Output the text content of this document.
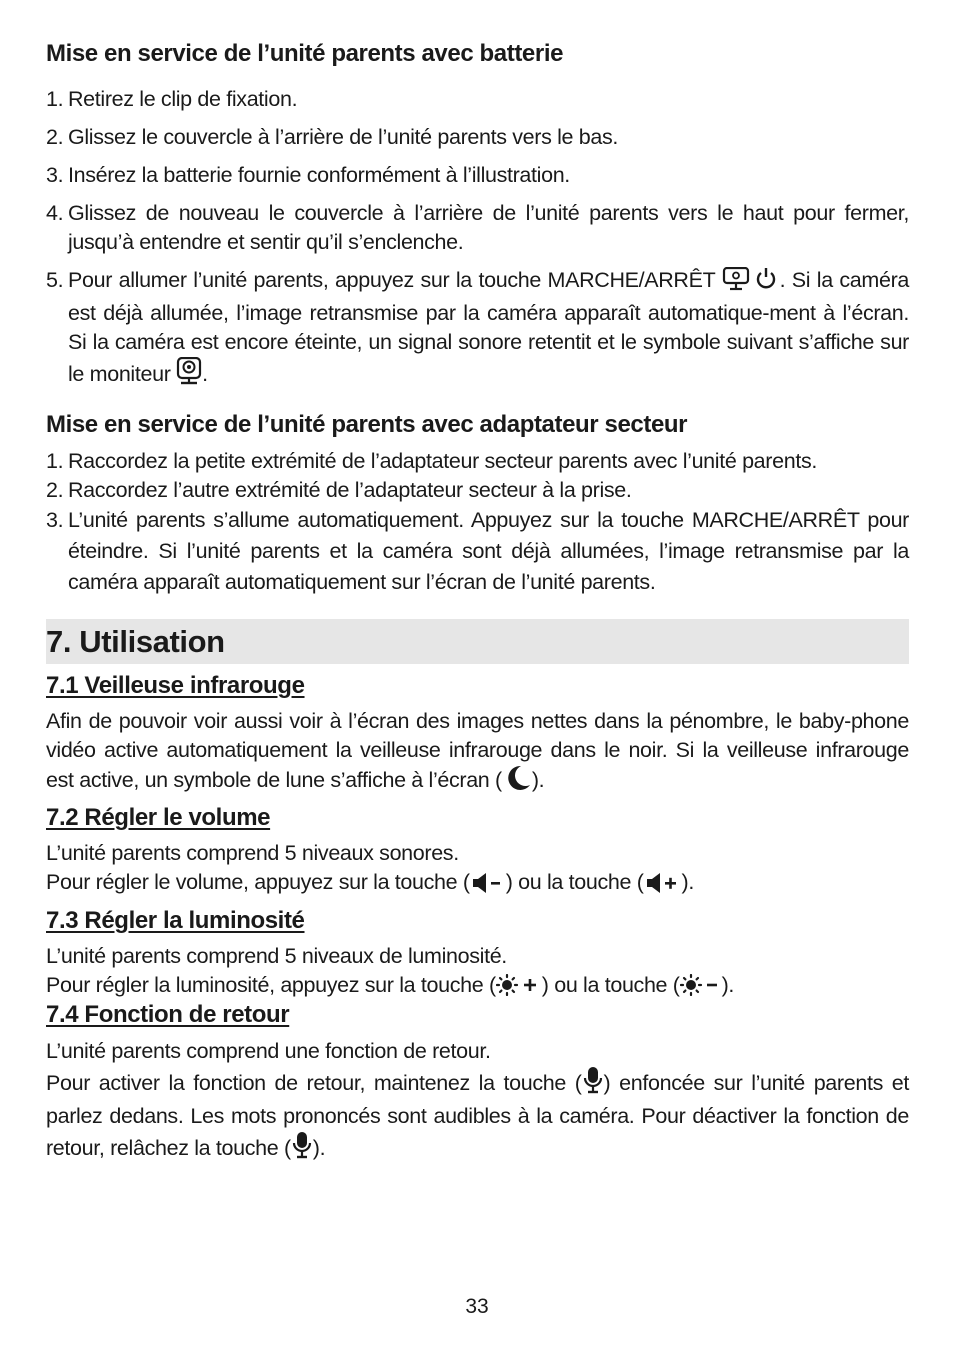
Mise en service de l’unité parents avec batterie
1. Retirez le clip de fixation.
2. Glissez le couvercle à l’arrière de l’unité parents vers le bas.
3. Insérez la batterie fournie conformément à l’illustration.
4. Glissez de nouveau le couvercle à l’arrière de l’unité parents vers le haut pour fermer, jusqu’à entendre et sentir qu’il s’enclenche.
5. Pour allumer l’unité parents, appuyez sur la touche MARCHE/ARRÊT	. Si la caméra est déjà allumée, l’image retransmise par la caméra apparaît automatique-ment à l’écran. Si la caméra est encore éteinte, un signal sonore retentit et le symbole suivant s’affiche sur le moniteur .
Mise en service de l’unité parents avec adaptateur secteur
1. Raccordez la petite extrémité de l’adaptateur secteur parents avec l’unité parents.
2. Raccordez l’autre extrémité de l’adaptateur secteur à la prise.
3. L’unité parents s’allume automatiquement. Appuyez sur la touche MARCHE/ARRÊT pour éteindre. Si l’unité parents et la caméra sont déjà allumées, l’image retransmise par la caméra apparaît automatiquement sur l’écran de l’unité parents.
7. Utilisation
7.1 Veilleuse infrarouge
Afin de pouvoir voir aussi voir à l’écran des images nettes dans la pénombre, le baby-phone vidéo active automatiquement la veilleuse infrarouge dans le noir. Si la veilleuse infrarouge est active, un symbole de lune s’affiche à l’écran ( ).
7.2 Régler le volume
L’unité parents comprend 5 niveaux sonores.
Pour régler le volume, appuyez sur la touche ( ) ou la touche ( ).
7.3 Régler la luminosité
L’unité parents comprend 5 niveaux de luminosité.
Pour régler la luminosité, appuyez sur la touche ( ) ou la touche ( ).
7.4 Fonction de retour
L’unité parents comprend une fonction de retour.
Pour activer la fonction de retour, maintenez la touche ( ) enfoncée sur l’unité parents et parlez dedans. Les mots prononcés sont audibles à la caméra. Pour déactiver la fonction de retour, relâchez la touche ( ).
33
